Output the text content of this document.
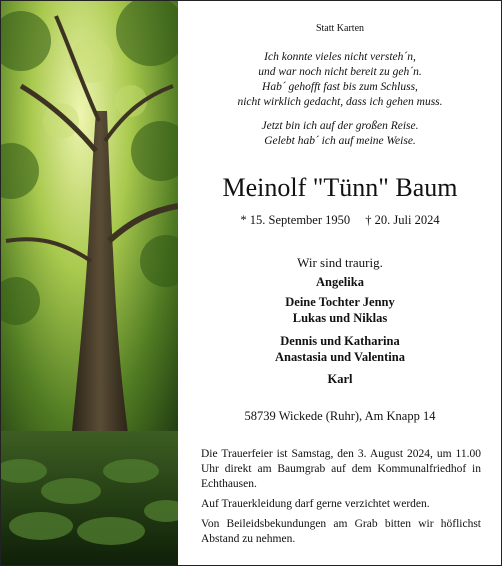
Statt Karten
Ich konnte vieles nicht versteh´n,
und war noch nicht bereit zu geh´n.
Hab´ gehofft fast bis zum Schluss,
nicht wirklich gedacht, dass ich gehen muss.
Jetzt bin ich auf der großen Reise.
Gelebt hab´ ich auf meine Weise.
Meinolf "Tünn" Baum
* 15. September 1950 † 20. Juli 2024
Wir sind traurig.
Angelika
Deine Tochter Jenny
Lukas und Niklas
Dennis und Katharina
Anastasia und Valentina
Karl
58739 Wickede (Ruhr), Am Knapp 14
Die Trauerfeier ist Samstag, den 3. August 2024, um 11.00 Uhr direkt am Baumgrab auf dem Kommunalfriedhof in Echthausen.
Auf Trauerkleidung darf gerne verzichtet werden.
Von Beileidsbekundungen am Grab bitten wir höflichst Abstand zu nehmen.
